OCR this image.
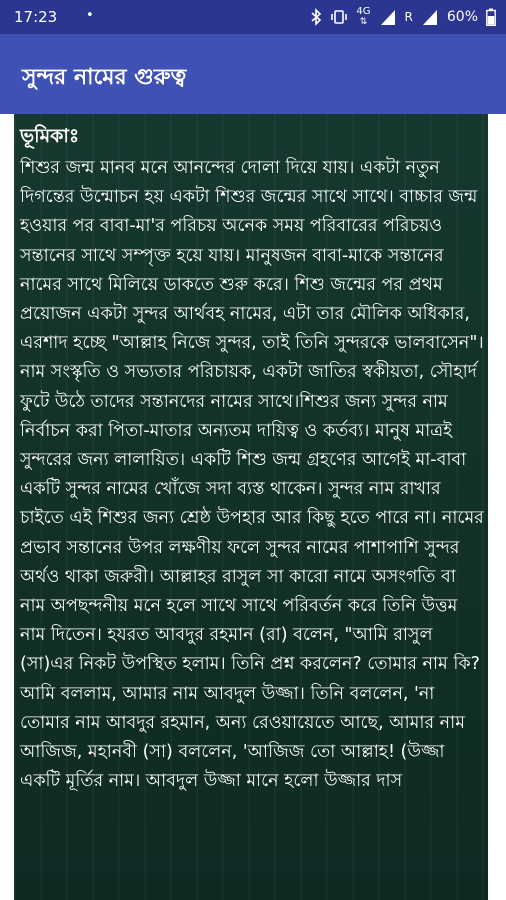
17:23 •	4G
⇅	R 60%
সুন্দর নামের গুরুত্ব
ভূমিকাঃ

শিশুর জন্ম মানব মনে আনন্দের দোলা দিয়ে যায়। একটা নতুন দিগন্তের উন্মোচন হয় একটা শিশুর জন্মের সাথে সাথে। বাচ্চার জন্ম হওয়ার পর বাবা-মা'র পরিচয় অনেক সময় পরিবারের পরিচয়ও সন্তানের সাথে সম্পৃক্ত হয়ে যায়। মানুষজন বাবা-মাকে সন্তানের নামের সাথে মিলিয়ে ডাকতে শুরু করে। শিশু জন্মের পর প্রথম প্রয়োজন একটা সুন্দর আর্থবহ নামের, এটা তার মৌলিক অধিকার, এরশাদ হচ্ছে "আল্লাহ নিজে সুন্দর, তাই তিনি সুন্দরকে ভালবাসেন"। নাম সংস্কৃতি ও সভ্যতার পরিচায়ক, একটা জাতির স্বকীয়তা, সৌহার্দ ফুটে উঠে তাদের সন্তানদের নামের সাথে।শিশুর জন্য সুন্দর নাম নির্বাচন করা পিতা-মাতার অন্যতম দায়িত্ব ও কর্তব্য। মানুষ মাত্রই সুন্দরের জন্য লালায়িত। একটি শিশু জন্ম গ্রহণের আগেই মা-বাবা একটি সুন্দর নামের খোঁজে সদা ব্যস্ত থাকেন। সুন্দর নাম রাখার চাইতে এই শিশুর জন্য শ্রেষ্ঠ উপহার আর কিছু হতে পারে না। নামের প্রভাব সন্তানের উপর লক্ষণীয় ফলে সুন্দর নামের পাশাপাশি সুন্দর অর্থও থাকা জরুরী। আল্লাহর রাসুল সা কারো নামে অসংগতি বা নাম অপছন্দনীয় মনে হলে সাথে সাথে পরিবর্তন করে তিনি উত্তম নাম দিতেন। হযরত আবদুর রহমান (রা) বলেন, "আমি রাসুল (সা)এর নিকট উপস্থিত হলাম। তিনি প্রশ্ন করলেন? তোমার নাম কি? আমি বললাম, আমার নাম আবদুল উজ্জা। তিনি বললেন, 'না তোমার নাম আবদুর রহমান, অন্য রেওয়ায়েতে আছে, আমার নাম আজিজ, মহানবী (সা) বললেন, 'আজিজ তো আল্লাহ! (উজ্জা একটি মূর্তির নাম। আবদুল উজ্জা মানে হলো উজ্জার দাস
